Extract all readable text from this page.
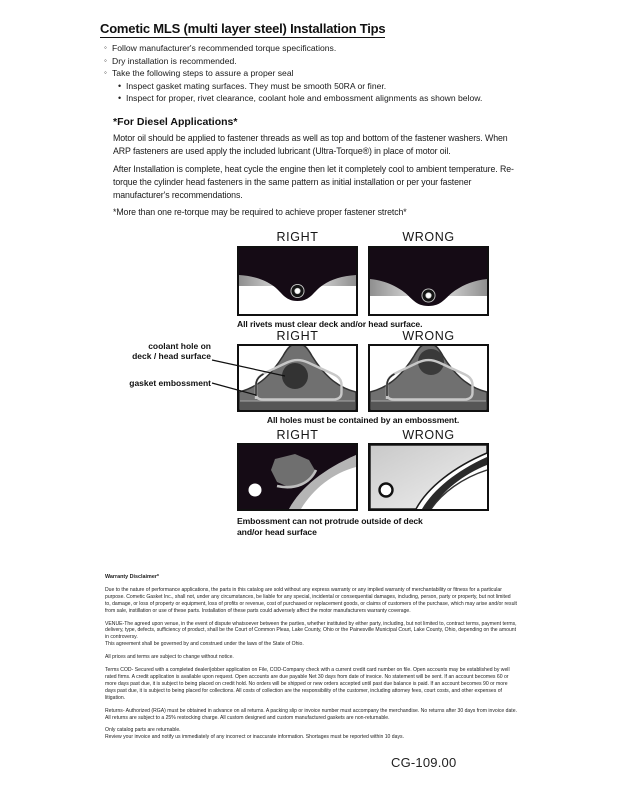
Cometic MLS (multi layer steel) Installation Tips
◦ Follow manufacturer's recommended torque specifications.
◦ Dry installation is recommended.
◦ Take the following steps to assure a proper seal
• Inspect gasket mating surfaces. They must be smooth 50RA or finer.
• Inspect for proper, rivet clearance, coolant hole and embossment alignments as shown below.
*For Diesel Applications*
Motor oil should be applied to fastener threads as well as top and bottom of the fastener washers. When ARP fasteners are used apply the included lubricant (Ultra-Torque®) in place of motor oil.
After Installation is complete, heat cycle the engine then let it completely cool to ambient temperature. Re-torque the cylinder head fasteners in the same pattern as initial installation or per your fastener manufacturer's recommendations.
*More than one re-torque may be required to achieve proper fastener stretch*
RIGHT	WRONG
All rivets must clear deck and/or head surface.
RIGHT	WRONG
All holes must be contained by an embossment.
coolant hole on
deck / head surface
gasket embossment
RIGHT	WRONG
Embossment can not protrude outside of deck and/or head surface

Warranty Disclaimer*

Due to the nature of performance applications, the parts in this catalog are sold without any express warranty or any implied warranty of merchantability or fitness for a particular purpose. Cometic Gasket Inc., shall not, under any circumstances, be liable for any special, incidental or consequential damages, including, person, party or property, but not limited to, damage, or loss of property or equipment, loss of profits or revenue, cost of purchased or replacement goods, or claims of customers of the purchase, which may arise and/or result from sale, instillation or use of these parts. Installation of these parts could adversely affect the motor manufacturers warranty coverage.

VENUE-The agreed upon venue, in the event of dispute whatsoever between the parties, whether instituted by either party, including, but not limited to, contract terms, payment terms, delivery, type, defects, sufficiency of product, shall be the Court of Common Pleas, Lake County, Ohio or the Painesville Municipal Court, Lake County, Ohio, depending on the amount in controversy.

This agreement shall be governed by and construed under the laws of the State of Ohio.

All prices and terms are subject to change without notice.

Terms COD- Secured with a completed dealer/jobber application on File, COD-Company check with a current credit card number on file. Open accounts may be established by well rated firms. A credit application is available upon request. Open accounts are due payable Net 30 days from date of invoice. No statement will be sent. If an account becomes 60 or more days past due, it is subject to being placed on credit hold. No orders will be shipped or new orders accepted until past due balance is paid. If an account becomes 90 or more days past due, it is subject to being placed for collections. All costs of collection are the responsibility of the customer, including attorney fees, court costs, and other expenses of litigation.

Returns- Authorized (RGA) must be obtained in advance on all returns. A packing slip or invoice number must accompany the merchandise. No returns after 30 days from invoice date. All returns are subject to a 25% restocking charge. All custom designed and custom manufactured gaskets are non-returnable.

Only catalog parts are returnable.

Review your invoice and notify us immediately of any incorrect or inaccurate information. Shortages must be reported within 10 days.

CG-109.00
